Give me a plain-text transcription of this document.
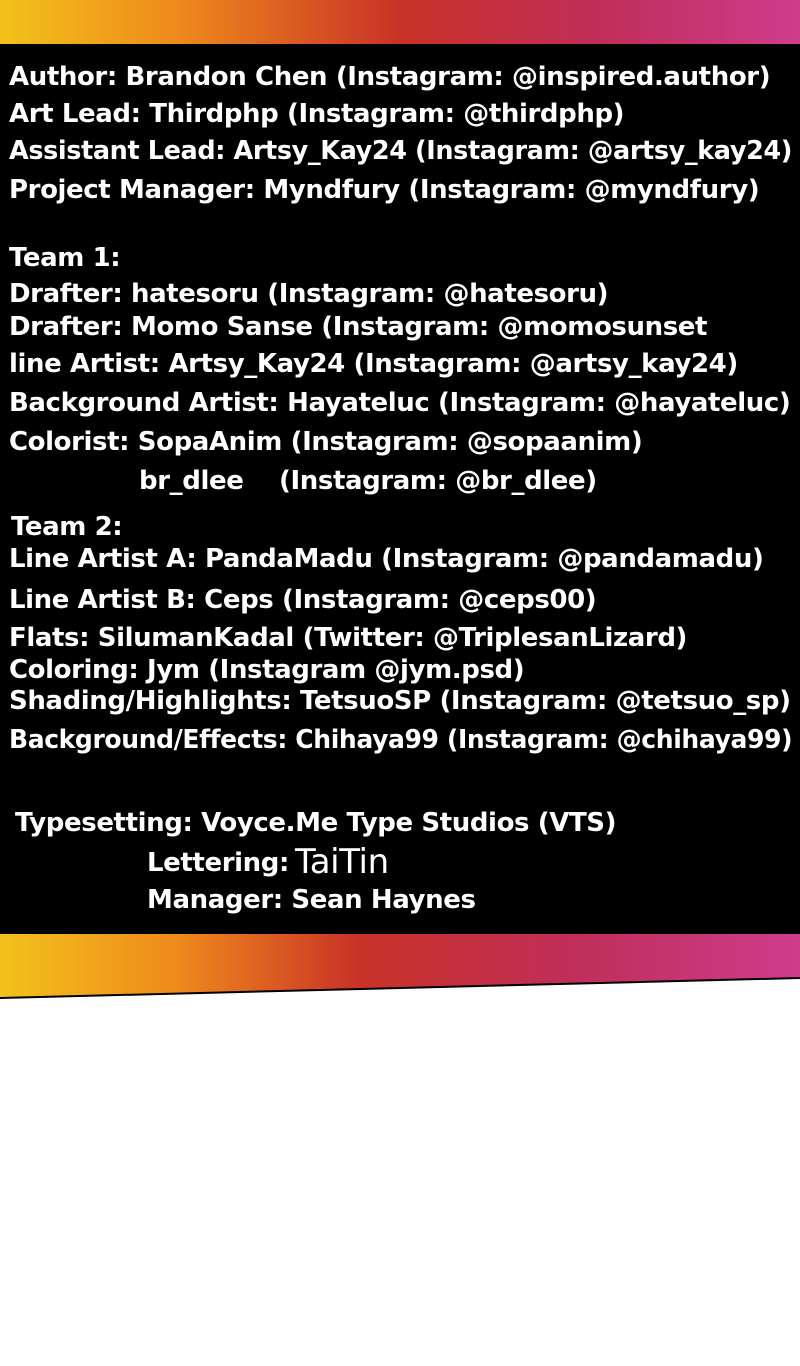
Author: Brandon Chen (Instagram: @inspired.author)
Art Lead: Thirdphp (Instagram: @thirdphp)
Assistant Lead: Artsy_Kay24 (Instagram: @artsy_kay24)
Project Manager: Myndfury (Instagram: @myndfury)
Team 1:
Drafter: hatesoru (Instagram: @hatesoru)
Drafter: Momo Sanse (Instagram: @momosunset
line Artist: Artsy_Kay24 (Instagram: @artsy_kay24)
Background Artist: Hayateluc (Instagram: @hayateluc)
Colorist: SopaAnim (Instagram: @sopaanim)
br_dlee (Instagram: @br_dlee)
Team 2:
Line Artist A: PandaMadu (Instagram: @pandamadu)
Line Artist B: Ceps (Instagram: @ceps00)
Flats: SilumanKadal (Twitter: @TriplesanLizard)
Coloring: Jym (Instagram @jym.psd)
Shading/Highlights: TetsuoSP (Instagram: @tetsuo_sp)
Background/Effects: Chihaya99 (Instagram: @chihaya99)
Typesetting: Voyce.Me Type Studios (VTS)
Lettering: TaiTin
Manager: Sean Haynes
